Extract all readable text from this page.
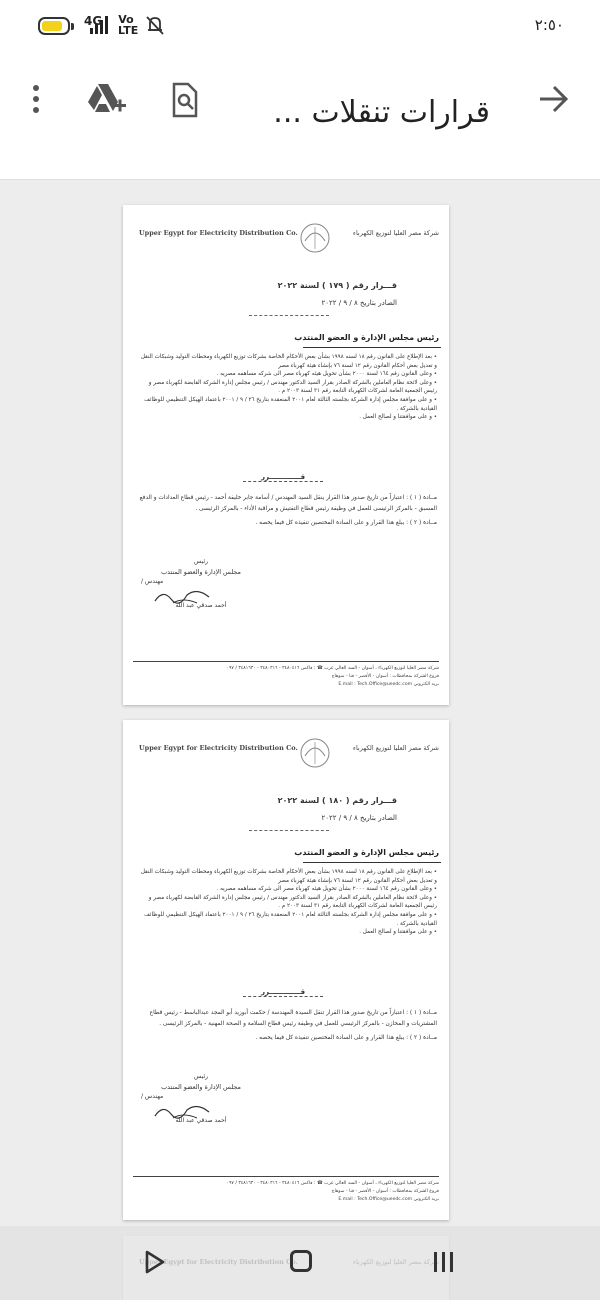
4G Vo LTE	٢:٥٠
قرارات تنقلات ...
Upper Egypt for Electricity Distribution Co.	شركة مصر العليا لتوزيع الكهرباء
قـــرار رقم ( ١٧٩ ) لسنة ٢٠٢٢
الصادر بتاريخ ٨ / ٩ / ٢٠٢٢
رئيس مجلس الإدارة و العضو المنتدب
• بعد الإطلاع على القانون رقم ١٨ لسنه ١٩٩٨ بشأن بعض الأحكام الخاصة بشركات توزيع الكهرباء ومحطات التوليد وشبكات النقل و تعديل بعض أحكام القانون رقم ١٢ لسنة ٧٦ بإنشاء هيئة كهرباء مصر
• وعلى القانون رقم ١٦٤ لسنة ٢٠٠٠ بشأن تحويل هيئه كهرباء مصر الى شركه مساهمه مصريه .
• وعلى لائحة نظام العاملين بالشركة الصادر بقرار السيد الدكتور مهندس / رئيس مجلس إدارة الشركة القابضة لكهرباء مصر و رئيس الجمعية العامة لشركات الكهرباء التابعة رقم ٣١ لسنة ٢٠٠٣ م .
• و على موافقة مجلس إدارة الشركة بجلسته الثالثة لعام ٢٠٠١ المنعقدة بتاريخ ٢٦ / ٩ / ٢٠٠١ باعتماد الهيكل التنظيمي للوظائف القيادية بالشركة .
• و على موافقتنا و لصالح العمل .
قـــــــــــــرر

مــادة ( ١ ) : اعتباراً من تاريخ صدور هذا القرار ينقل السيد المهندس / أسامة جابر خليفة أحمد - رئيس قطاع العدادات و الدفع المسبق - بالمركز الرئيسى للعمل في وظيفة رئيس قطاع التفتيش و مراقبة الأداء - بالمركز الرئيسى .

مــادة ( ٢ ) : يبلغ هذا القرار و على السادة المختصين تنفيذه كل فيما يخصه .

رئيس
مجلس الإدارة والعضو المنتدب
مهندس /
أحمد صدقي عبد الله

شركة مصر العليا لتوزيع الكهرباء ، أسوان - السد العالي غرب ☎ : فاكس ٣٤٨٠٤١٦ - ٣٤٨٠٣١٦ - ٣٤٨١٦٣٠ / ٠٩٧

فروع الشركة بمحافظات : أسوان - الأقصر - قنا - سوهاج

بريد الكتروني E.mail : Tech.Office@ueedc.com

Upper Egypt for Electricity Distribution Co.	شركة مصر العليا لتوزيع الكهرباء
قـــرار رقم ( ١٨٠ ) لسنة ٢٠٢٢
الصادر بتاريخ ٨ / ٩ / ٢٠٢٢
رئيس مجلس الإدارة و العضو المنتدب
• بعد الإطلاع على القانون رقم ١٨ لسنه ١٩٩٨ بشأن بعض الأحكام الخاصة بشركات توزيع الكهرباء ومحطات التوليد وشبكات النقل و تعديل بعض أحكام القانون رقم ١٢ لسنة ٧٦ بإنشاء هيئة كهرباء مصر
• وعلى القانون رقم ١٦٤ لسنة ٢٠٠٠ بشأن تحويل هيئه كهرباء مصر الى شركه مساهمه مصريه .
• وعلى لائحة نظام العاملين بالشركة الصادر بقرار السيد الدكتور مهندس / رئيس مجلس إدارة الشركة القابضة لكهرباء مصر و رئيس الجمعية العامة لشركات الكهرباء التابعة رقم ٣١ لسنة ٢٠٠٣ م .
• و على موافقة مجلس إدارة الشركة بجلسته الثالثة لعام ٢٠٠١ المنعقدة بتاريخ ٢٦ / ٩ / ٢٠٠١ باعتماد الهيكل التنظيمي للوظائف القيادية بالشركة .
• و على موافقتنا و لصالح العمل .
قـــــــــــــرر

مــادة ( ١ ) : اعتباراً من تاريخ صدور هذا القرار تنقل السيدة المهندسة / حكمت أبوزيد أبو المجد عبدالباسط - رئيس قطاع المشتريات و المخازن - بالمركز الرئيسي للعمل في وظيفة رئيس قطاع السلامة و الصحة المهنية - بالمركز الرئيسى .

مــادة ( ٢ ) : يبلغ هذا القرار و على السادة المختصين تنفيذه كل فيما يخصه .

رئيس
مجلس الإدارة والعضو المنتدب
مهندس /
أحمد صدقي عبد الله

شركة مصر العليا لتوزيع الكهرباء ، أسوان - السد العالي غرب ☎ : فاكس ٣٤٨٠٤١٦ - ٣٤٨٠٣١٦ - ٣٤٨١٦٣٠ / ٠٩٧

فروع الشركة بمحافظات : أسوان - الأقصر - قنا - سوهاج

بريد الكتروني E.mail : Tech.Office@ueedc.com
